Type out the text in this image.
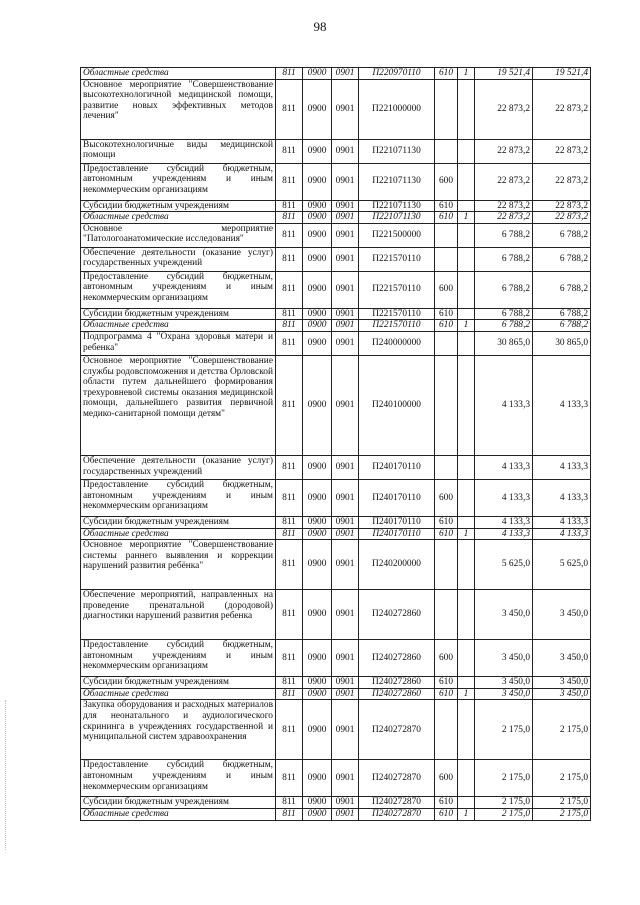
98
Областные средства	811	0900	0901	П220970110	610	1	19 521,4	19 521,4
Основное мероприятие "Совершенствование высокотехнологичной медицинской помощи, развитие новых эффективных методов лечения"	811	0900	0901	П221000000			22 873,2	22 873,2
Высокотехнологичные виды медицинской помощи	811	0900	0901	П221071130			22 873,2	22 873,2
Предоставление субсидий бюджетным, автономным учреждениям и иным некоммерческим организациям	811	0900	0901	П221071130	600		22 873,2	22 873,2
Субсидии бюджетным учреждениям	811	0900	0901	П221071130	610		22 873,2	22 873,2
Областные средства	811	0900	0901	П221071130	610	1	22 873,2	22 873,2
Основное мероприятие "Патологоанатомические исследования"	811	0900	0901	П221500000			6 788,2	6 788,2
Обеспечение деятельности (оказание услуг) государственных учреждений	811	0900	0901	П221570110			6 788,2	6 788,2
Предоставление субсидий бюджетным, автономным учреждениям и иным некоммерческим организациям	811	0900	0901	П221570110	600		6 788,2	6 788,2
Субсидии бюджетным учреждениям	811	0900	0901	П221570110	610		6 788,2	6 788,2
Областные средства	811	0900	0901	П221570110	610	1	6 788,2	6 788,2
Подпрограмма 4 "Охрана здоровья матери и ребенка"	811	0900	0901	П240000000			30 865,0	30 865,0
Основное мероприятие "Совершенствование службы родовспоможения и детства Орловской области путем дальнейшего формирования трехуровневой системы оказания медицинской помощи, дальнейшего развития первичной медико-санитарной помощи детям"	811	0900	0901	П240100000			4 133,3	4 133,3
Обеспечение деятельности (оказание услуг) государственных учреждений	811	0900	0901	П240170110			4 133,3	4 133,3
Предоставление субсидий бюджетным, автономным учреждениям и иным некоммерческим организациям	811	0900	0901	П240170110	600		4 133,3	4 133,3
Субсидии бюджетным учреждениям	811	0900	0901	П240170110	610		4 133,3	4 133,3
Областные средства	811	0900	0901	П240170110	610	1	4 133,3	4 133,3
Основное мероприятие "Совершенствование системы раннего выявления и коррекции нарушений развития ребёнка"	811	0900	0901	П240200000			5 625,0	5 625,0
Обеспечение мероприятий, направленных на проведение пренатальной (дородовой) диагностики нарушений развития ребенка	811	0900	0901	П240272860			3 450,0	3 450,0
Предоставление субсидий бюджетным, автономным учреждениям и иным некоммерческим организациям	811	0900	0901	П240272860	600		3 450,0	3 450,0
Субсидии бюджетным учреждениям	811	0900	0901	П240272860	610		3 450,0	3 450,0
Областные средства	811	0900	0901	П240272860	610	1	3 450,0	3 450,0
Закупка оборудования и расходных материалов для неонатального и аудиологического скрининга в учреждениях государственной и муниципальной систем здравоохранения	811	0900	0901	П240272870			2 175,0	2 175,0
Предоставление субсидий бюджетным, автономным учреждениям и иным некоммерческим организациям	811	0900	0901	П240272870	600		2 175,0	2 175,0
Субсидии бюджетным учреждениям	811	0900	0901	П240272870	610		2 175,0	2 175,0
Областные средства	811	0900	0901	П240272870	610	1	2 175,0	2 175,0
